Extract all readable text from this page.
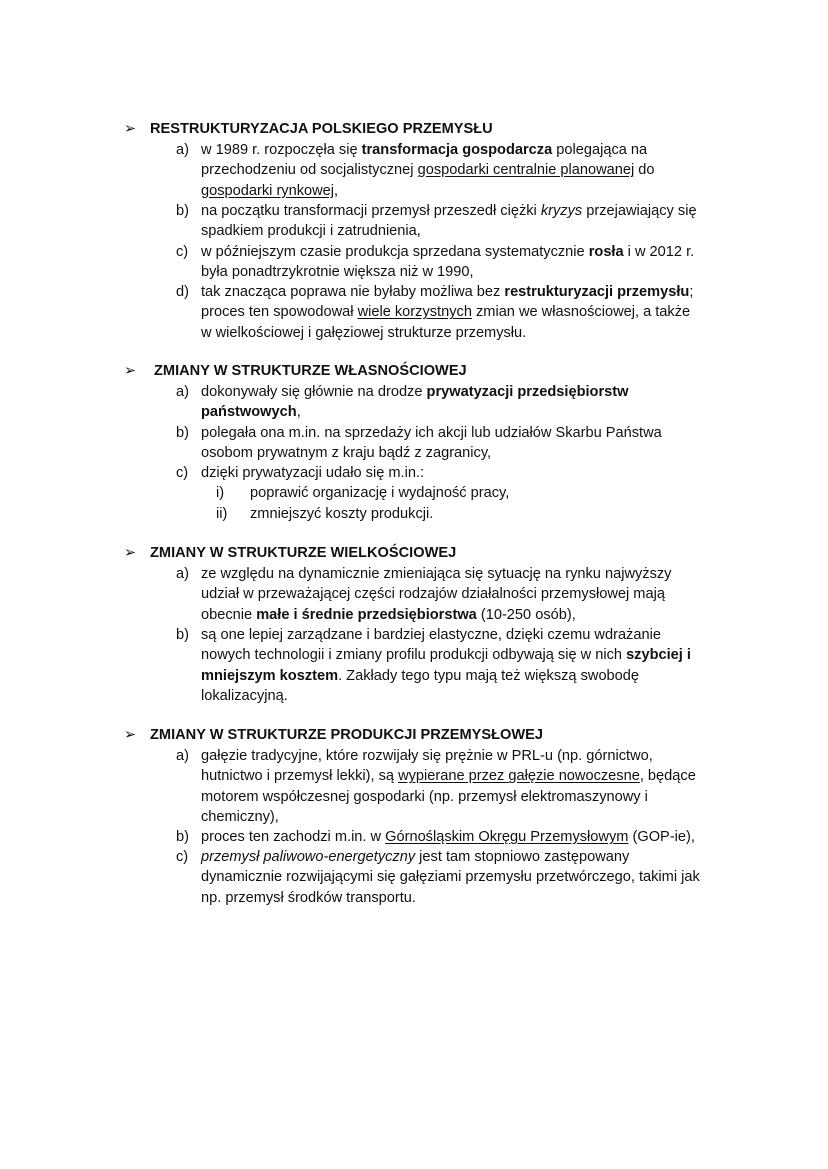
➢ RESTRUKTURYZACJA POLSKIEGO PRZEMYSŁU
a) w 1989 r. rozpoczęła się transformacja gospodarcza polegająca na
przechodzeniu od socjalistycznej gospodarki centralnie planowanej do
gospodarki rynkowej,
b) na początku transformacji przemysł przeszedł ciężki kryzys przejawiający się
spadkiem produkcji i zatrudnienia,
c) w późniejszym czasie produkcja sprzedana systematycznie rosła i w 2012 r.
była ponadtrzykrotnie większa niż w 1990,
d) tak znacząca poprawa nie byłaby możliwa bez restrukturyzacji przemysłu;
proces ten spowodował wiele korzystnych zmian we własnościowej, a także
w wielkościowej i gałęziowej strukturze przemysłu.
➢ ZMIANY W STRUKTURZE WŁASNOŚCIOWEJ
a) dokonywały się głównie na drodze prywatyzacji przedsiębiorstw
państwowych,
b) polegała ona m.in. na sprzedaży ich akcji lub udziałów Skarbu Państwa
osobom prywatnym z kraju bądź z zagranicy,
c) dzięki prywatyzacji udało się m.in.:
i) poprawić organizację i wydajność pracy,
ii) zmniejszyć koszty produkcji.
➢ ZMIANY W STRUKTURZE WIELKOŚCIOWEJ
a) ze względu na dynamicznie zmieniająca się sytuację na rynku najwyższy
udział w przeważającej części rodzajów działalności przemysłowej mają
obecnie małe i średnie przedsiębiorstwa (10-250 osób),
b) są one lepiej zarządzane i bardziej elastyczne, dzięki czemu wdrażanie
nowych technologii i zmiany profilu produkcji odbywają się w nich szybciej i
mniejszym kosztem. Zakłady tego typu mają też większą swobodę
lokalizacyjną.
➢ ZMIANY W STRUKTURZE PRODUKCJI PRZEMYSŁOWEJ
a) gałęzie tradycyjne, które rozwijały się prężnie w PRL-u (np. górnictwo,
hutnictwo i przemysł lekki), są wypierane przez gałęzie nowoczesne, będące
motorem współczesnej gospodarki (np. przemysł elektromaszynowy i
chemiczny),
b) proces ten zachodzi m.in. w Górnośląskim Okręgu Przemysłowym (GOP-ie),
c) przemysł paliwowo-energetyczny jest tam stopniowo zastępowany
dynamicznie rozwijającymi się gałęziami przemysłu przetwórczego, takimi jak
np. przemysł środków transportu.
